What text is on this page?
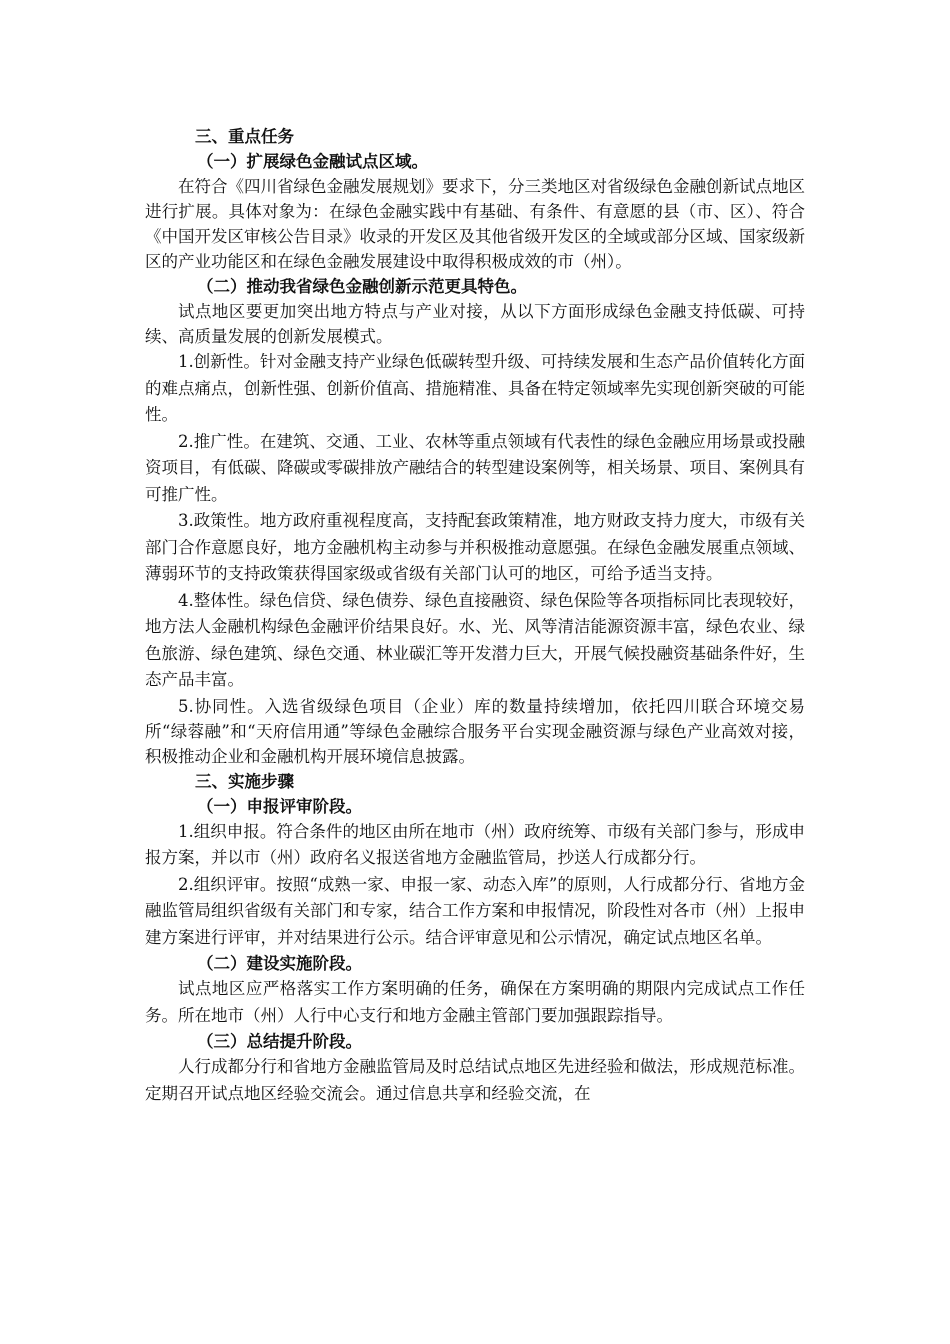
三、重点任务
（一）扩展绿色金融试点区域。

在符合《四川省绿色金融发展规划》要求下，分三类地区对省级绿色金融创新试点地区进行扩展。具体对象为：在绿色金融实践中有基础、有条件、有意愿的县（市、区）、符合《中国开发区审核公告目录》收录的开发区及其他省级开发区的全域或部分区域、国家级新区的产业功能区和在绿色金融发展建设中取得积极成效的市（州）。

（二）推动我省绿色金融创新示范更具特色。

试点地区要更加突出地方特点与产业对接，从以下方面形成绿色金融支持低碳、可持续、高质量发展的创新发展模式。

1.创新性。针对金融支持产业绿色低碳转型升级、可持续发展和生态产品价值转化方面的难点痛点，创新性强、创新价值高、措施精准、具备在特定领域率先实现创新突破的可能性。

2.推广性。在建筑、交通、工业、农林等重点领域有代表性的绿色金融应用场景或投融资项目，有低碳、降碳或零碳排放产融结合的转型建设案例等，相关场景、项目、案例具有可推广性。

3.政策性。地方政府重视程度高，支持配套政策精准，地方财政支持力度大，市级有关部门合作意愿良好，地方金融机构主动参与并积极推动意愿强。在绿色金融发展重点领域、薄弱环节的支持政策获得国家级或省级有关部门认可的地区，可给予适当支持。

4.整体性。绿色信贷、绿色债券、绿色直接融资、绿色保险等各项指标同比表现较好，地方法人金融机构绿色金融评价结果良好。水、光、风等清洁能源资源丰富，绿色农业、绿色旅游、绿色建筑、绿色交通、林业碳汇等开发潜力巨大，开展气候投融资基础条件好，生态产品丰富。

5.协同性。入选省级绿色项目（企业）库的数量持续增加，依托四川联合环境交易所“绿蓉融”和“天府信用通”等绿色金融综合服务平台实现金融资源与绿色产业高效对接，积极推动企业和金融机构开展环境信息披露。

三、实施步骤
（一）申报评审阶段。

1.组织申报。符合条件的地区由所在地市（州）政府统筹、市级有关部门参与，形成申报方案，并以市（州）政府名义报送省地方金融监管局，抄送人行成都分行。

2.组织评审。按照“成熟一家、申报一家、动态入库”的原则，人行成都分行、省地方金融监管局组织省级有关部门和专家，结合工作方案和申报情况，阶段性对各市（州）上报申建方案进行评审，并对结果进行公示。结合评审意见和公示情况，确定试点地区名单。

（二）建设实施阶段。

试点地区应严格落实工作方案明确的任务，确保在方案明确的期限内完成试点工作任务。所在地市（州）人行中心支行和地方金融主管部门要加强跟踪指导。

（三）总结提升阶段。

人行成都分行和省地方金融监管局及时总结试点地区先进经验和做法，形成规范标准。定期召开试点地区经验交流会。通过信息共享和经验交流，在
